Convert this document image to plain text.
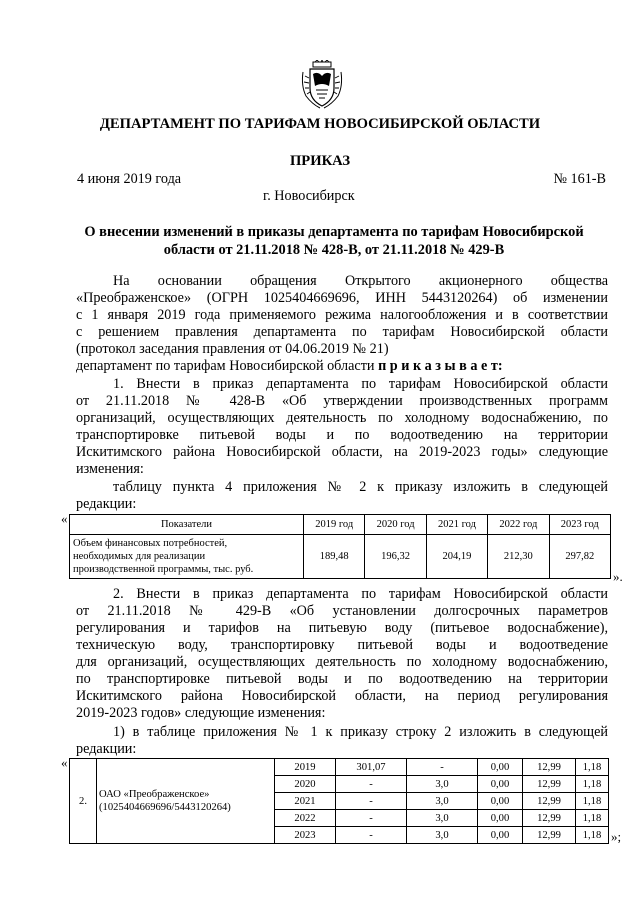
ДЕПАРТАМЕНТ ПО ТАРИФАМ НОВОСИБИРСКОЙ ОБЛАСТИ
ПРИКАЗ
4 июня 2019 года	№ 161-В
г. Новосибирск
О внесении изменений в приказы департамента по тарифам Новосибирской
области от 21.11.2018 № 428-В, от 21.11.2018 № 429-В
На основании обращения Открытого акционерного общества
«Преображенское» (ОГРН 1025404669696, ИНН 5443120264) об изменении
с 1 января 2019 года применяемого режима налогообложения и в соответствии
с решением правления департамента по тарифам Новосибирской области
(протокол заседания правления от 04.06.2019 № 21)
департамент по тарифам Новосибирской области п р и к а з ы в а е т:
1. Внести в приказ департамента по тарифам Новосибирской области
от 21.11.2018 № 428-В «Об утверждении производственных программ
организаций, осуществляющих деятельность по холодному водоснабжению, по
транспортировке питьевой воды и по водоотведению на территории
Искитимского района Новосибирской области, на 2019-2023 годы» следующие
изменения:
таблицу пункта 4 приложения № 2 к приказу изложить в следующей
редакции:
«	Показатели	2019 год	2020 год	2021 год	2022 год	2023 год

Объем финансовых потребностей,
необходимых для реализации
производственной программы, тыс. руб.	189,48	196,32	204,19	212,30	297,82
».
2. Внести в приказ департамента по тарифам Новосибирской области
от 21.11.2018 № 429-В «Об установлении долгосрочных параметров
регулирования и тарифов на питьевую воду (питьевое водоснабжение),
техническую воду, транспортировку питьевой воды и водоотведение
для организаций, осуществляющих деятельность по холодному водоснабжению,
по транспортировке питьевой воды и по водоотведению на территории
Искитимского района Новосибирской области, на период регулирования
2019-2023 годов» следующие изменения:
1) в таблице приложения № 1 к приказу строку 2 изложить в следующей
редакции:
«
2.	ОАО «Преображенское»
(1025404669696/5443120264)	2019	301,07	-	0,00	12,99	1,18
		2020	-	3,0	0,00	12,99	1,18
		2021	-	3,0	0,00	12,99	1,18
		2022	-	3,0	0,00	12,99	1,18
		2023	-	3,0	0,00	12,99	1,18 »;
